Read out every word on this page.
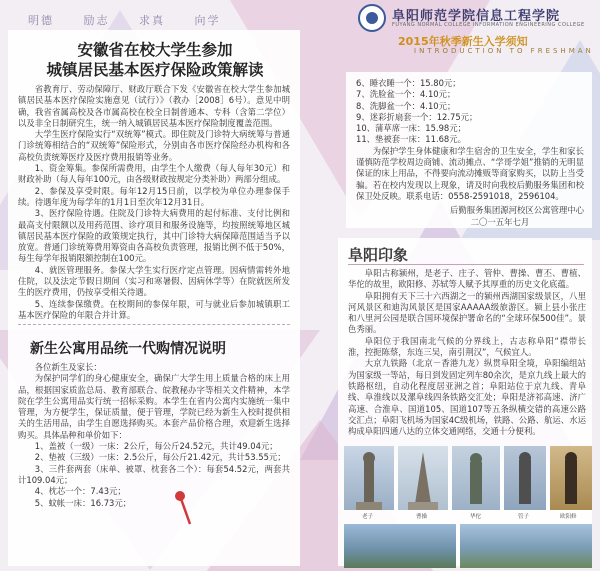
明德	励志	求真	向学	阜阳师范学院信息工程学院
FUYANG NORMAL COLLEGE INFORMATION ENGINEERING COLLEGE
2015年秋季新生入学须知
INTRODUCTION TO FRESHMAN
安徽省在校大学生参加
城镇居民基本医疗保险政策解读
省教育厅、劳动保障厅、财政厅联合下发《安徽省在校大学生参加城镇居民基本医疗保险实施意见（试行）》（教办［2008］6号）。意见中明确，我省省属高校及各市属高校在校全日制普通本、专科（含第二学位）以及非全日制研究生，统一纳入城镇居民基本医疗保险制度覆盖范围。
大学生医疗保险实行“双统筹”模式。即住院及门诊特大病统筹与普通门诊统筹相结合的“双统筹”保险形式，分别由各市医疗保险经办机构和各高校负责统筹医疗及医疗费用报销等业务。
1、资金筹集。参保所需费用，由学生个人缴费（每人每年30元）和财政补助（每人每年100元，由各级财政按规定分类补助）两部分组成。
2、参保及享受时限。每年12月15日前，以学校为单位办理参保手续。待遇年度为每学年的1月1日至次年12月31日。
3、医疗保险待遇。住院及门诊特大病费用的起付标准、支付比例和最高支付限额以及用药范围、诊疗项目和服务设施等，均按照统筹地区城镇居民基本医疗保险的政策规定执行，其中门诊特大病保障范围适当予以放宽。普通门诊统筹费用筹资由各高校负责管理，报销比例不低于50%，每生每学年报销限额控制在100元。
4、就医管理服务。参保大学生实行医疗定点管理。因病情需转外地住院，以及法定节假日期间（实习和寒暑假、因病休学等）在院就医所发生的医疗费用，仍按享受相关待遇。
5、连续参保缴费。在校期间的参保年限，可与就业后参加城镇职工基本医疗保险的年限合并计算。
新生公寓用品统一代购情况说明
各位新生及家长：
为保护同学们的身心健康安全，确保广大学生用上质量合格的床上用品，根据国家质监总局、教育部联合、皖教秘办字等相关文件精神，本学院在学生公寓用品实行统一招标采购。本学生在省内公寓内实施统一集中管理，为方便学生，保证质量，便于管理，学院已经为新生入校时提供相关的生活用品，由学生自愿选择购买。本套产品价格合理，欢迎新生选择购买。具体品种和单价如下：
1、盖被（一级）一床：2公斤，每公斤24.52元，共计49.04元；
2、垫被（三级）一床：2.5公斤，每公斤21.42元，共计53.55元；
3、三件套两套（床单、被罩、枕套各二个）：每套54.52元，两套共计109.04元；
4、枕芯一个：7.43元；
5、蚊帐一床：16.73元；
6、睡衣睡一个：15.80元；
7、洗脸盆一个：4.10元；
8、洗脚盆一个：4.10元；
9、迷彩折扇套一个：12.75元；
10、蒲草席一床：15.98元；
11、垫被套一床：11.68元。
为保护学生身体健康和学生宿舍的卫生安全，学生和家长谨慎防范学校周边商铺、流动摊点、“学哥学姐”推销的无明显保证的床上用品，不得要向流动摊贩等商家购买，以防上当受骗。若在校内发现以上现象，请及时向我校后勤服务集团和校保卫处反映。联系电话：0558-2591018，2596104。
后勤服务集团源河校区公寓管理中心
二〇一五年七月
阜阳印象
阜阳古称颍州，是老子、庄子、管仲、曹操、曹丕、曹植、华佗的故里，欧阳修、苏轼等人赋予其厚重的历史文化底蕴。
阜阳拥有天下三十六西湖之一的颍州西湖国家级景区，八里河风景区和迪沟风景区是国家AAAAA级旅游区。颍上县小张庄和八里河公园是联合国环境保护署命名的“全球环保500佳”。景色秀丽。
阜阳位于我国南北气候的分界线上，古志称阜阳“襟带长淮，控扼陈蔡，东连三吴，南引荆汉”，气候宜人。
大京九铁路（北京－香港九龙）纵贯阜阳全境，阜阳编组站为国家级一等站，每日到发固定列车80余次，是京九线上最大的铁路枢纽，自动化程度居亚洲之首；阜阳站位于京九线、青阜线、阜淮线以及漯阜线四条铁路交汇处；阜阳是济祁高速、济广高速、合淮阜、国道105、国道107等五条纵横交错的高速公路交汇点；阜阳飞机场为国家4C级机场，铁路、公路、航运、水运构成阜阳四通八达的立体交通网络，交通十分便利。
老子	曹操	华佗	管子	欧阳修
